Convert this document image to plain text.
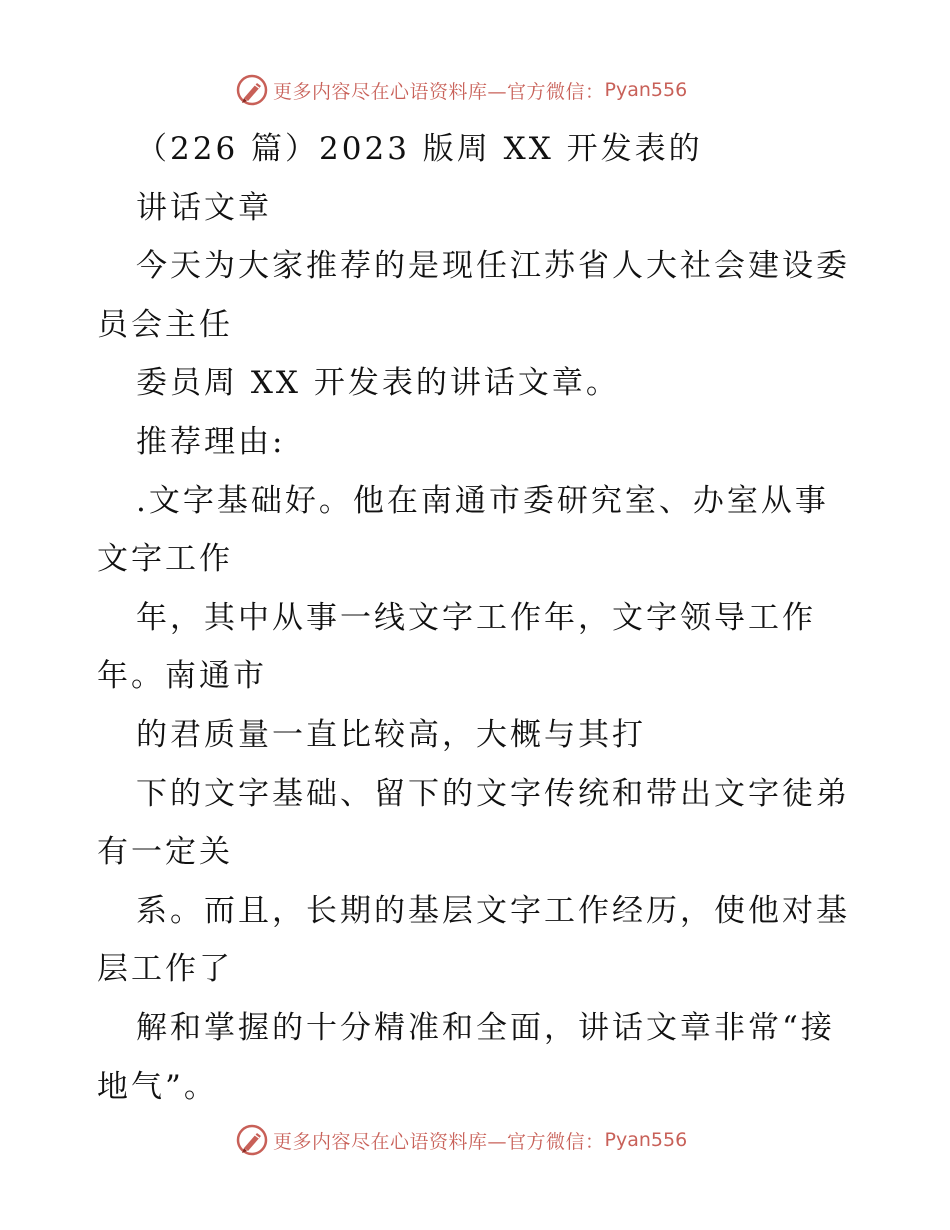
更多内容尽在心语资料库—官方微信： Pyan556
（226 篇）2023 版周 XX 开发表的
讲话文章
今天为大家推荐的是现任江苏省人大社会建设委
员会主任
委员周 XX 开发表的讲话文章。
推荐理由:
.文字基础好。他在南通市委研究室、办室从事
文字工作
年，其中从事一线文字工作年，文字领导工作
年。南通市
的君质量一直比较高，大概与其打
下的文字基础、留下的文字传统和带出文字徒弟
有一定关
系。而且，长期的基层文字工作经历，使他对基
层工作了
解和掌握的十分精准和全面，讲话文章非常“接
地气”。
更多内容尽在心语资料库—官方微信： Pyan556
